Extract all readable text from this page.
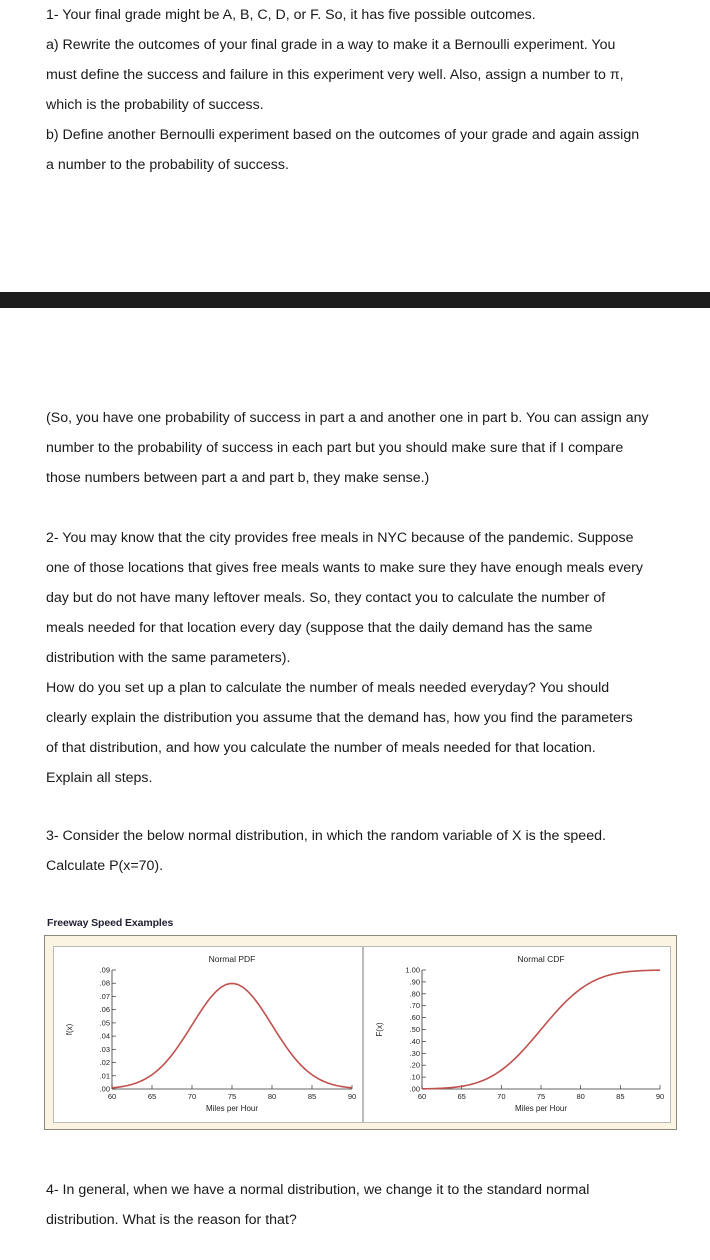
1- Your final grade might be A, B, C, D, or F. So, it has five possible outcomes.
a) Rewrite the outcomes of your final grade in a way to make it a Bernoulli experiment. You
must define the success and failure in this experiment very well. Also, assign a number to π,
which is the probability of success.
b) Define another Bernoulli experiment based on the outcomes of your grade and again assign
a number to the probability of success.
(So, you have one probability of success in part a and another one in part b. You can assign any
number to the probability of success in each part but you should make sure that if I compare
those numbers between part a and part b, they make sense.)
2- You may know that the city provides free meals in NYC because of the pandemic. Suppose
one of those locations that gives free meals wants to make sure they have enough meals every
day but do not have many leftover meals. So, they contact you to calculate the number of
meals needed for that location every day (suppose that the daily demand has the same
distribution with the same parameters).
How do you set up a plan to calculate the number of meals needed everyday? You should
clearly explain the distribution you assume that the demand has, how you find the parameters
of that distribution, and how you calculate the number of meals needed for that location.
Explain all steps.
3- Consider the below normal distribution, in which the random variable of X is the speed.
Calculate P(x=70).
Freeway Speed Examples
Normal PDF
.00
.01
.02
.03
.04
.05
.06
.07
.08
.09
60	65	70	75	80	85	90
Miles per Hour
f(x)
Normal CDF
.00
.10
.20
.30
.40
.50
.60
.70
.80
.90
1.00
60	65	70	75	80	85	90
Miles per Hour
F(x)
4- In general, when we have a normal distribution, we change it to the standard normal
distribution. What is the reason for that?
